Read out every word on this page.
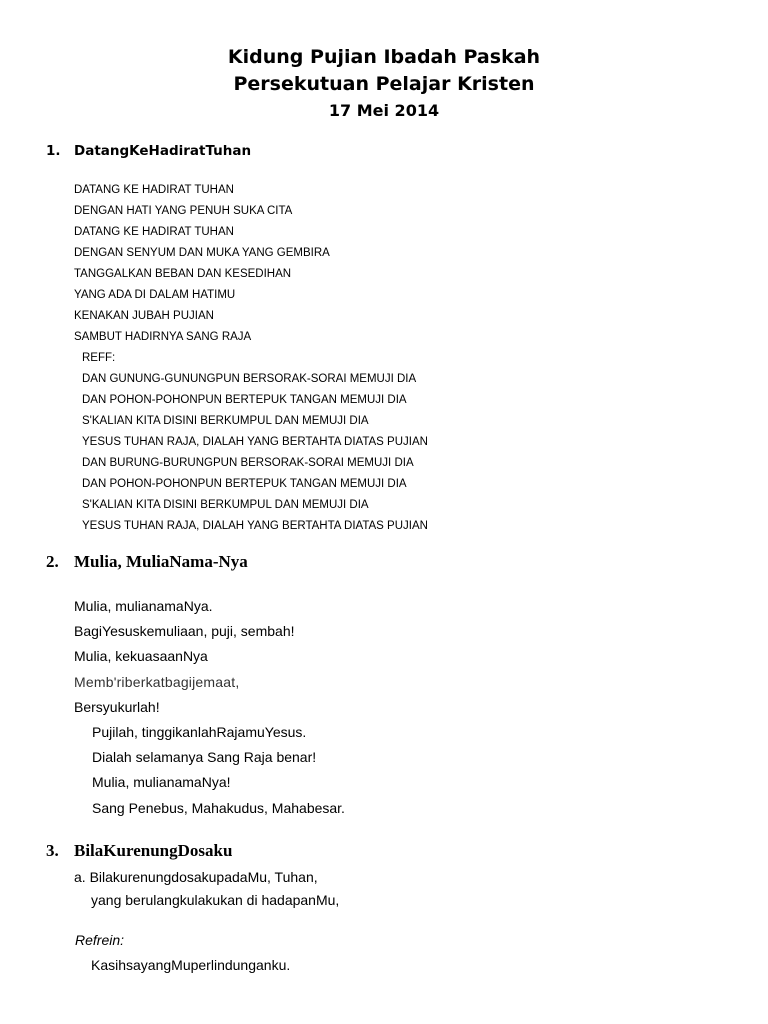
Kidung Pujian Ibadah Paskah
Persekutuan Pelajar Kristen
17 Mei 2014
1. DatangKeHadiratTuhan
DATANG KE HADIRAT TUHAN
DENGAN HATI YANG PENUH SUKA CITA
DATANG KE HADIRAT TUHAN
DENGAN SENYUM DAN MUKA YANG GEMBIRA
TANGGALKAN BEBAN DAN KESEDIHAN
YANG ADA DI DALAM HATIMU
KENAKAN JUBAH PUJIAN
SAMBUT HADIRNYA SANG RAJA
REFF:
DAN GUNUNG-GUNUNGPUN BERSORAK-SORAI MEMUJI DIA
DAN POHON-POHONPUN BERTEPUK TANGAN MEMUJI DIA
S'KALIAN KITA DISINI BERKUMPUL DAN MEMUJI DIA
YESUS TUHAN RAJA, DIALAH YANG BERTAHTA DIATAS PUJIAN
DAN BURUNG-BURUNGPUN BERSORAK-SORAI MEMUJI DIA
DAN POHON-POHONPUN BERTEPUK TANGAN MEMUJI DIA
S'KALIAN KITA DISINI BERKUMPUL DAN MEMUJI DIA
YESUS TUHAN RAJA, DIALAH YANG BERTAHTA DIATAS PUJIAN
2. Mulia, MuliaNama-Nya
Mulia, mulianamaNya.
BagiYesuskemuliaan, puji, sembah!
Mulia, kekuasaanNya
Memb'riberkatbagijemaat,
Bersyukurlah!
Pujilah, tinggikanlahRajamuYesus.
Dialah selamanya Sang Raja benar!
Mulia, mulianamaNya!
Sang Penebus, Mahakudus, Mahabesar.
3. BilaKurenungDosaku
a. BilakurenungdosakupadaMu, Tuhan,
yang berulangkulakukan di hadapanMu,
Refrein:
KasihsayangMuperlindunganku.
